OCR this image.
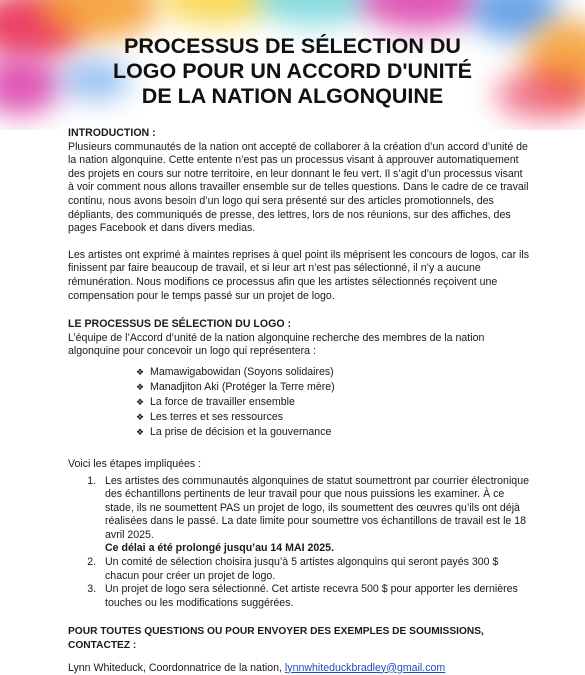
PROCESSUS DE SÉLECTION DU
LOGO POUR UN ACCORD D'UNITÉ
DE LA NATION ALGONQUINE

INTRODUCTION :

Plusieurs communautés de la nation ont accepté de collaborer à la création d’un accord d’unité de la nation algonquine. Cette entente n’est pas un processus visant à approuver automatiquement des projets en cours sur notre territoire, en leur donnant le feu vert. Il s’agit d’un processus visant à voir comment nous allons travailler ensemble sur de telles questions. Dans le cadre de ce travail continu, nous avons besoin d’un logo qui sera présenté sur des articles promotionnels, des dépliants, des communiqués de presse, des lettres, lors de nos réunions, sur des affiches, des pages Facebook et dans divers medias.

Les artistes ont exprimé à maintes reprises à quel point ils méprisent les concours de logos, car ils finissent par faire beaucoup de travail, et si leur art n’est pas sélectionné, il n’y a aucune rémunération. Nous modifions ce processus afin que les artistes sélectionnés reçoivent une compensation pour le temps passé sur un projet de logo.

LE PROCESSUS DE SÉLECTION DU LOGO :

L’équipe de l’Accord d’unité de la nation algonquine recherche des membres de la nation algonquine pour concevoir un logo qui représentera :

❖ Mamawigabowidan (Soyons solidaires)
❖ Manadjiton Aki (Protéger la Terre mère)
❖ La force de travailler ensemble
❖ Les terres et ses ressources
❖ La prise de décision et la gouvernance

Voici les étapes impliquées :

1. Les artistes des communautés algonquines de statut soumettront par courrier électronique des échantillons pertinents de leur travail pour que nous puissions les examiner. À ce stade, ils ne soumettent PAS un projet de logo, ils soumettent des œuvres qu’ils ont déjà réalisées dans le passé. La date limite pour soumettre vos échantillons de travail est le 18 avril 2025.
Ce délai a été prolongé jusqu’au 14 MAI 2025.
2. Un comité de sélection choisira jusqu’à 5 artistes algonquins qui seront payés 300 $ chacun pour créer un projet de logo.
3. Un projet de logo sera sélectionné. Cet artiste recevra 500 $ pour apporter les dernières touches ou les modifications suggérées.

POUR TOUTES QUESTIONS OU POUR ENVOYER DES EXEMPLES DE SOUMISSIONS, CONTACTEZ :

Lynn Whiteduck, Coordonnatrice de la nation, lynnwhiteduckbradley@gmail.com
